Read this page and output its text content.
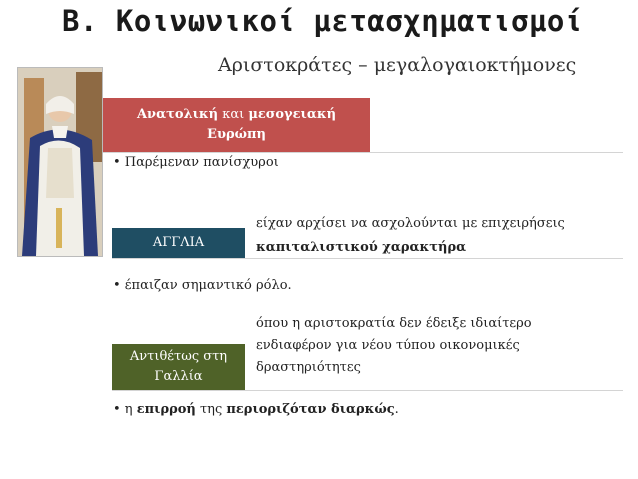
B. Κοινωνικοί μετασχηματισμοί
Αριστοκράτες – μεγαλογαιοκτήμονες
Ανατολική και μεσογειακή
Ευρώπη
• Παρέμεναν πανίσχυροι
είχαν αρχίσει να ασχολούνται με επιχειρήσεις
καπιταλιστικού χαρακτήρα
ΑΓΓΛΙΑ
• έπαιζαν σημαντικό ρόλο.
όπου η αριστοκρατία δεν έδειξε ιδιαίτερο
ενδιαφέρον για νέου τύπου οικονομικές
δραστηριότητες
Αντιθέτως στη
Γαλλία
• η επιρροή της περιοριζόταν διαρκώς.
